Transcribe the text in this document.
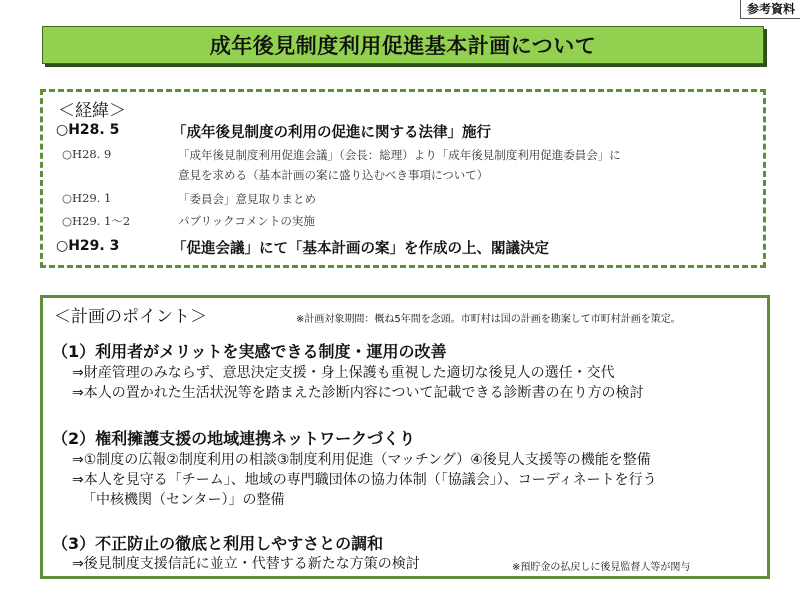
参考資料
成年後見制度利用促進基本計画について
＜経緯＞
○H28. 5	「成年後見制度の利用の促進に関する法律」施行
○H28. 9	「成年後見制度利用促進会議」（会長：総理）より「成年後見制度利用促進委員会」に
意見を求める（基本計画の案に盛り込むべき事項について）
○H29. 1	「委員会」意見取りまとめ
○H29. 1～2	パブリックコメントの実施
○H29. 3	「促進会議」にて「基本計画の案」を作成の上、閣議決定
＜計画のポイント＞	※計画対象期間：概ね5年間を念頭。市町村は国の計画を勘案して市町村計画を策定。
（1）利用者がメリットを実感できる制度・運用の改善
⇒財産管理のみならず、意思決定支援・身上保護も重視した適切な後見人の選任・交代
⇒本人の置かれた生活状況等を踏まえた診断内容について記載できる診断書の在り方の検討
（2）権利擁護支援の地域連携ネットワークづくり
⇒①制度の広報②制度利用の相談③制度利用促進（マッチング）④後見人支援等の機能を整備
⇒本人を見守る「チーム」、地域の専門職団体の協力体制（「協議会」）、コーディネートを行う
「中核機関（センター）」の整備
（3）不正防止の徹底と利用しやすさとの調和
⇒後見制度支援信託に並立・代替する新たな方策の検討	※預貯金の払戻しに後見監督人等が関与
